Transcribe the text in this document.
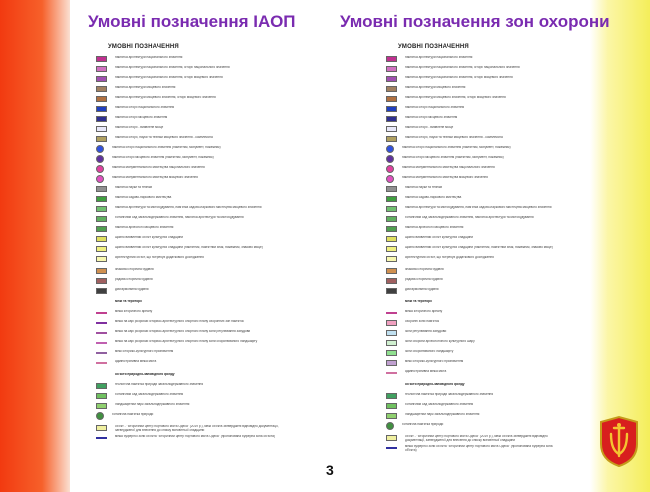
Умовні позначення ІАОП	Умовні позначення зон охорони
УМОВНІ ПОЗНАЧЕННЯ
пам'ятка архітектури національного значення
пам'ятка архітектури національного значення, історії національного значення
пам'ятка архітектури національного значення, історії місцевого значення
пам'ятка архітектури місцевого значення
пам'ятка архітектури місцевого значення, історії місцевого значення
пам'ятка історії національного значення
пам'ятка історії місцевого значення
пам'ятка історії - виявлене місце
пам'ятка історії, науки та техніки місцевого значення - комплексна
пам'ятка історії національного значення (пам'ятник, монумент, пожежник)
пам'ятка історії місцевого значення (пам'ятник, монумент, пожежник)
пам'ятка монументального мистецтва національного значення
пам'ятка монументального мистецтва місцевого значення
пам'ятка науки та техніки
пам'ятка садово-паркового мистецтва
пам'ятка архітектури та містобудування, пам'ятка садово-паркового мистецтва місцевого значення
ботанічний сад загальнодержавного значення, пам'ятка архітектури та містобудування
пам'ятка археології місцевого значення
щойно виявлений об'єкт культурної спадщини
щойно виявлений об'єкт культурної спадщини (пам'ятник, пам'ятний знак, пожежник, знаково місце)
архітектурний об'єкт, що потребує додаткового дослідження
знакова історична будівля
рядова історична будівля
дисгармонійна будівля
межі та території
межа історичного ареалу
межа на карі розробки історико-архітектурного опорного плану охоронних зон пам'яток
межа на карі розробки історико-архітектурного опорного плану зони регулювання забудови
межа на карі розробки історико-архітектурного опорного плану зони охоронюваного ландшафту
межі історико-культурного призначення
адміністративна межа міста
об'єкти природно-заповідного фонду
геологічна пам'ятка природи загальнодержавного значення
ботанічний сад загальнодержавного значення
ландшафтний парк загальнодержавного значення
ботанічна пам'ятка природи
об'єкт - "Історичний центр портового міста Одеса" (2019 р.), межі об'єкта затверджені відповідно документації, затвердженої для внесення до списку всесвітньої спадщини
межа буферної зони об'єкта "Історичний центр портового міста Одеса" (пропонована буферна зона об'єкта)
УМОВНІ ПОЗНАЧЕННЯ
пам'ятка архітектури національного значення
пам'ятка архітектури національного значення, історії національного значення
пам'ятка архітектури національного значення, історії місцевого значення
пам'ятка архітектури місцевого значення
пам'ятка архітектури місцевого значення, історії місцевого значення
пам'ятка історії національного значення
пам'ятка історії місцевого значення
пам'ятка історії - виявлене місце
пам'ятка історії, науки та техніки місцевого значення - комплексна
пам'ятка історії національного значення (пам'ятник, монумент, пожежник)
пам'ятка історії місцевого значення (пам'ятник, монумент, пожежник)
пам'ятка монументального мистецтва національного значення
пам'ятка монументального мистецтва місцевого значення
пам'ятка науки та техніки
пам'ятка садово-паркового мистецтва
пам'ятка архітектури та містобудування, пам'ятка садово-паркового мистецтва місцевого значення
ботанічний сад загальнодержавного значення, пам'ятка архітектури та містобудування
пам'ятка археології місцевого значення
щойно виявлений об'єкт культурної спадщини
щойно виявлений об'єкт культурної спадщини (пам'ятник, пам'ятний знак, пожежник, знаково місце)
архітектурний об'єкт, що потребує додаткового дослідження
знакова історична будівля
рядова історична будівля
дисгармонійна будівля
межі та території
межа історичного ареалу
охоронні зони пам'яток
зони регулювання забудови
зони охорони археологічного культурного шару
зони охоронюваного ландшафту
межі історико-культурного призначення
адміністративна межа міста
об'єкти природно-заповідного фонду
геологічна пам'ятка природи загальнодержавного значення
ботанічний сад загальнодержавного значення
ландшафтний парк загальнодержавного значення
ботанічна пам'ятка природи
об'єкт - "Історичний центр портового міста Одеса" (2019 р.), межі об'єкта затверджені відповідно документації, затвердженої для внесення до списку всесвітньої спадщини
межа буферної зони об'єкта "Історичний центр портового міста Одеса" (пропонована буферна зона об'єкта)
3
